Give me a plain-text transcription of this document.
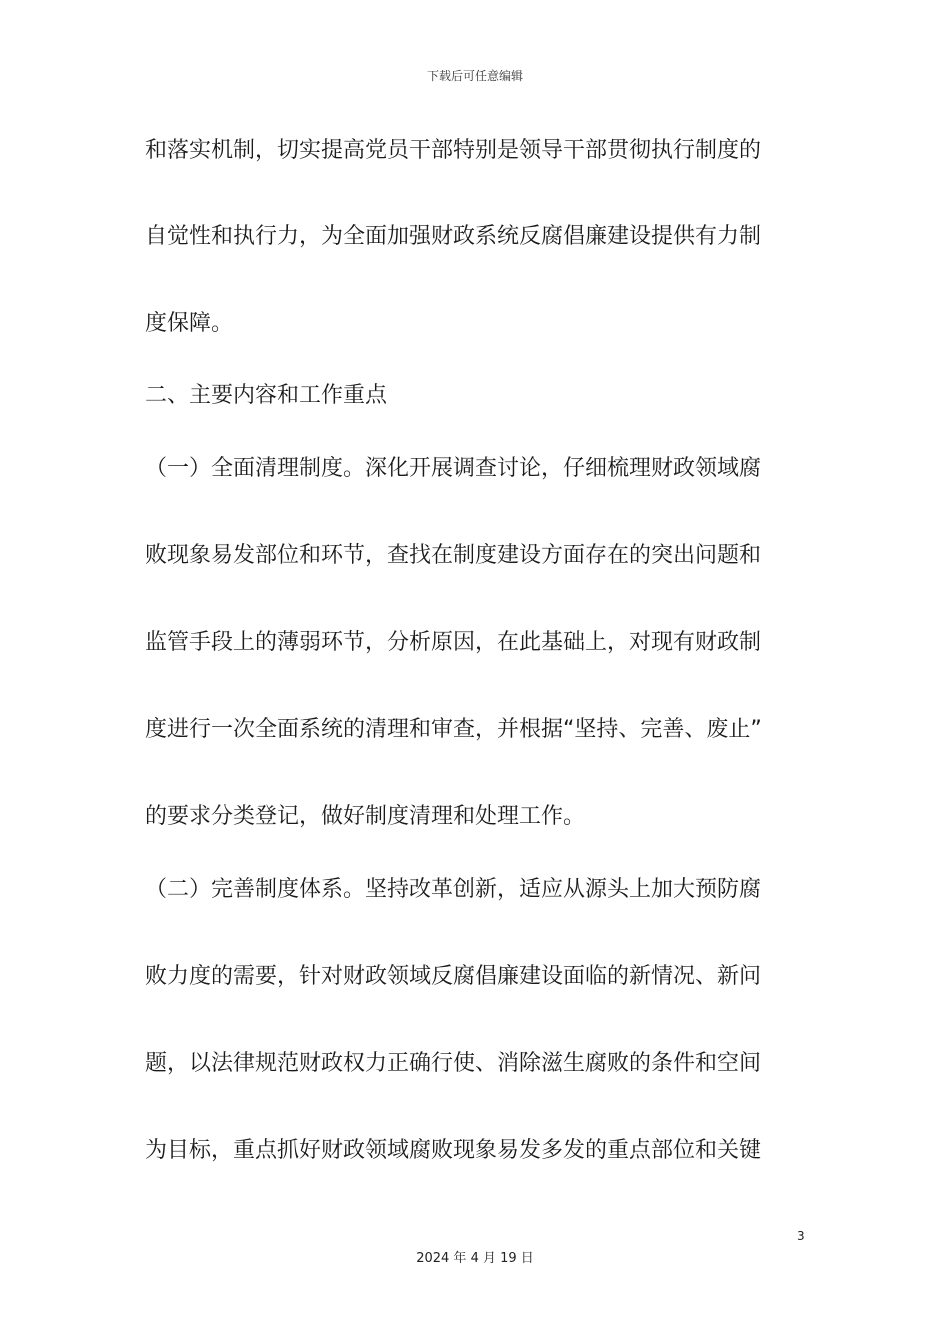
下载后可任意编辑
和落实机制，切实提高党员干部特别是领导干部贯彻执行制度的
自觉性和执行力，为全面加强财政系统反腐倡廉建设提供有力制
度保障。
二、主要内容和工作重点
（一）全面清理制度。深化开展调查讨论，仔细梳理财政领域腐
败现象易发部位和环节，查找在制度建设方面存在的突出问题和
监管手段上的薄弱环节，分析原因，在此基础上，对现有财政制
度进行一次全面系统的清理和审查，并根据“坚持、完善、废止”
的要求分类登记，做好制度清理和处理工作。
（二）完善制度体系。坚持改革创新，适应从源头上加大预防腐
败力度的需要，针对财政领域反腐倡廉建设面临的新情况、新问
题，以法律规范财政权力正确行使、消除滋生腐败的条件和空间
为目标，重点抓好财政领域腐败现象易发多发的重点部位和关键
3
2024 年 4 月 19 日
